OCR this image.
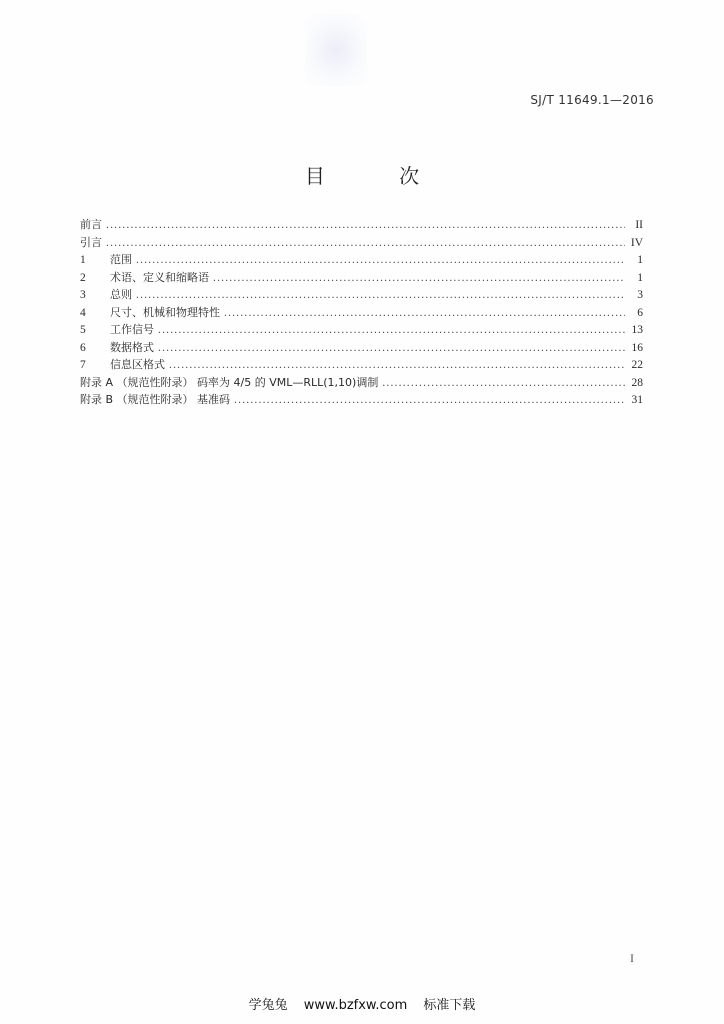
SJ/T 11649.1—2016
目 次
前言 .....	II
引言 .....	IV
1	范围 .....	1
2	术语、定义和缩略语 .....	1
3	总则 .....	3
4	尺寸、机械和物理特性 .....	6
5	工作信号 .....	13
6	数据格式 .....	16
7	信息区格式 .....	22
附录 A （规范性附录） 码率为 4/5 的 VML—RLL(1,10)调制 .....	28
附录 B （规范性附录） 基准码 .....	31
I
学兔兔 www.bzfxw.com 标准下载
